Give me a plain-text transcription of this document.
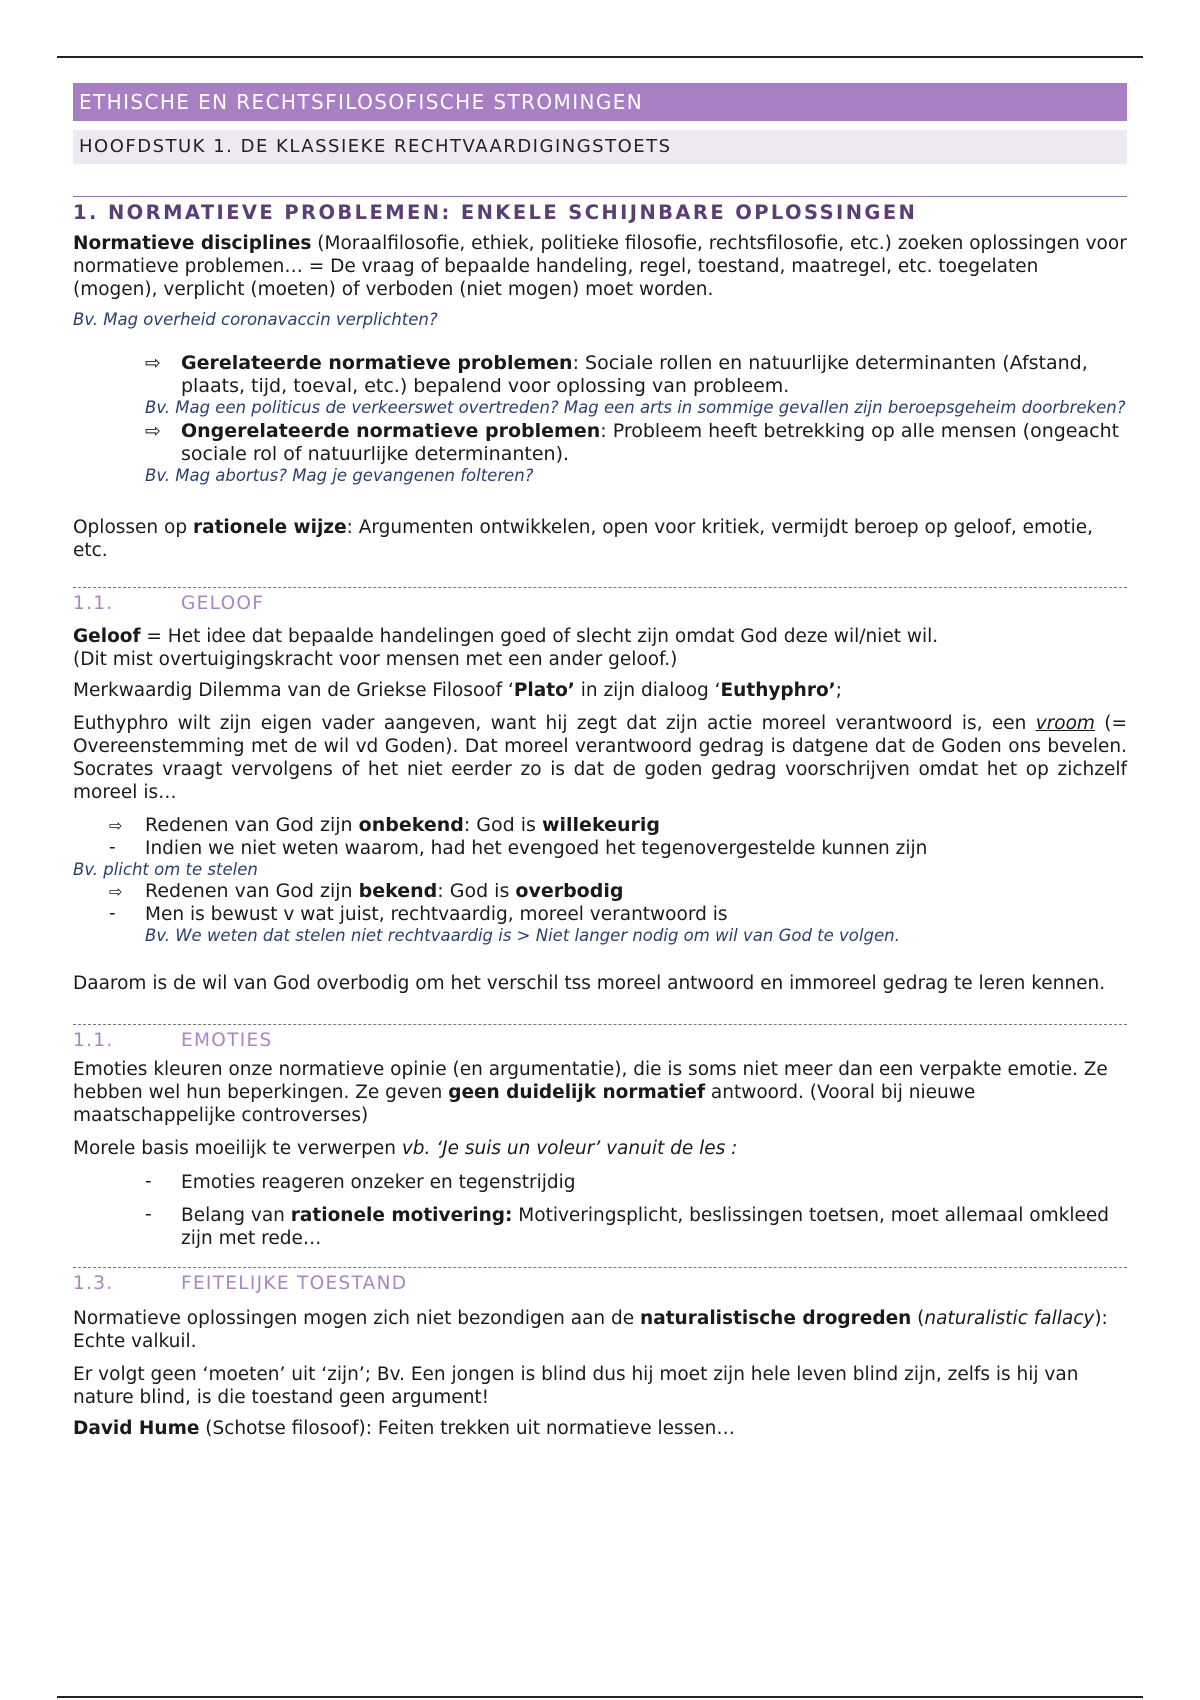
ETHISCHE EN RECHTSFILOSOFISCHE STROMINGEN
HOOFDSTUK 1. DE KLASSIEKE RECHTVAARDIGINGSTOETS
1. NORMATIEVE PROBLEMEN: ENKELE SCHIJNBARE OPLOSSINGEN

Normatieve disciplines (Moraalfilosofie, ethiek, politieke filosofie, rechtsfilosofie, etc.) zoeken oplossingen voor normatieve problemen… = De vraag of bepaalde handeling, regel, toestand, maatregel, etc. toegelaten (mogen), verplicht (moeten) of verboden (niet mogen) moet worden.

Bv. Mag overheid coronavaccin verplichten?

⇨ Gerelateerde normatieve problemen: Sociale rollen en natuurlijke determinanten (Afstand, plaats, tijd, toeval, etc.) bepalend voor oplossing van probleem.

Bv. Mag een politicus de verkeerswet overtreden? Mag een arts in sommige gevallen zijn beroepsgeheim doorbreken?

⇨ Ongerelateerde normatieve problemen: Probleem heeft betrekking op alle mensen (ongeacht sociale rol of natuurlijke determinanten).

Bv. Mag abortus? Mag je gevangenen folteren?

Oplossen op rationele wijze: Argumenten ontwikkelen, open voor kritiek, vermijdt beroep op geloof, emotie, etc.

1.1.	GELOOF

Geloof = Het idee dat bepaalde handelingen goed of slecht zijn omdat God deze wil/niet wil.
(Dit mist overtuigingskracht voor mensen met een ander geloof.)

Merkwaardig Dilemma van de Griekse Filosoof ‘Plato’ in zijn dialoog ‘Euthyphro’;

Euthyphro wilt zijn eigen vader aangeven, want hij zegt dat zijn actie moreel verantwoord is, een vroom (= Overeenstemming met de wil vd Goden). Dat moreel verantwoord gedrag is datgene dat de Goden ons bevelen. Socrates vraagt vervolgens of het niet eerder zo is dat de goden gedrag voorschrijven omdat het op zichzelf moreel is…

⇨ Redenen van God zijn onbekend: God is willekeurig
- Indien we niet weten waarom, had het evengoed het tegenovergestelde kunnen zijn

Bv. plicht om te stelen

⇨ Redenen van God zijn bekend: God is overbodig
- Men is bewust v wat juist, rechtvaardig, moreel verantwoord is

Bv. We weten dat stelen niet rechtvaardig is > Niet langer nodig om wil van God te volgen.

Daarom is de wil van God overbodig om het verschil tss moreel antwoord en immoreel gedrag te leren kennen.

1.1.	EMOTIES

Emoties kleuren onze normatieve opinie (en argumentatie), die is soms niet meer dan een verpakte emotie. Ze hebben wel hun beperkingen. Ze geven geen duidelijk normatief antwoord. (Vooral bij nieuwe maatschappelijke controverses)

Morele basis moeilijk te verwerpen vb. ‘Je suis un voleur’ vanuit de les :

- Emoties reageren onzeker en tegenstrijdig
- Belang van rationele motivering: Motiveringsplicht, beslissingen toetsen, moet allemaal omkleed zijn met rede…
1.3.	FEITELIJKE TOESTAND

Normatieve oplossingen mogen zich niet bezondigen aan de naturalistische drogreden (naturalistic fallacy): Echte valkuil.

Er volgt geen ‘moeten’ uit ‘zijn’; Bv. Een jongen is blind dus hij moet zijn hele leven blind zijn, zelfs is hij van nature blind, is die toestand geen argument!

David Hume (Schotse filosoof): Feiten trekken uit normatieve lessen…
